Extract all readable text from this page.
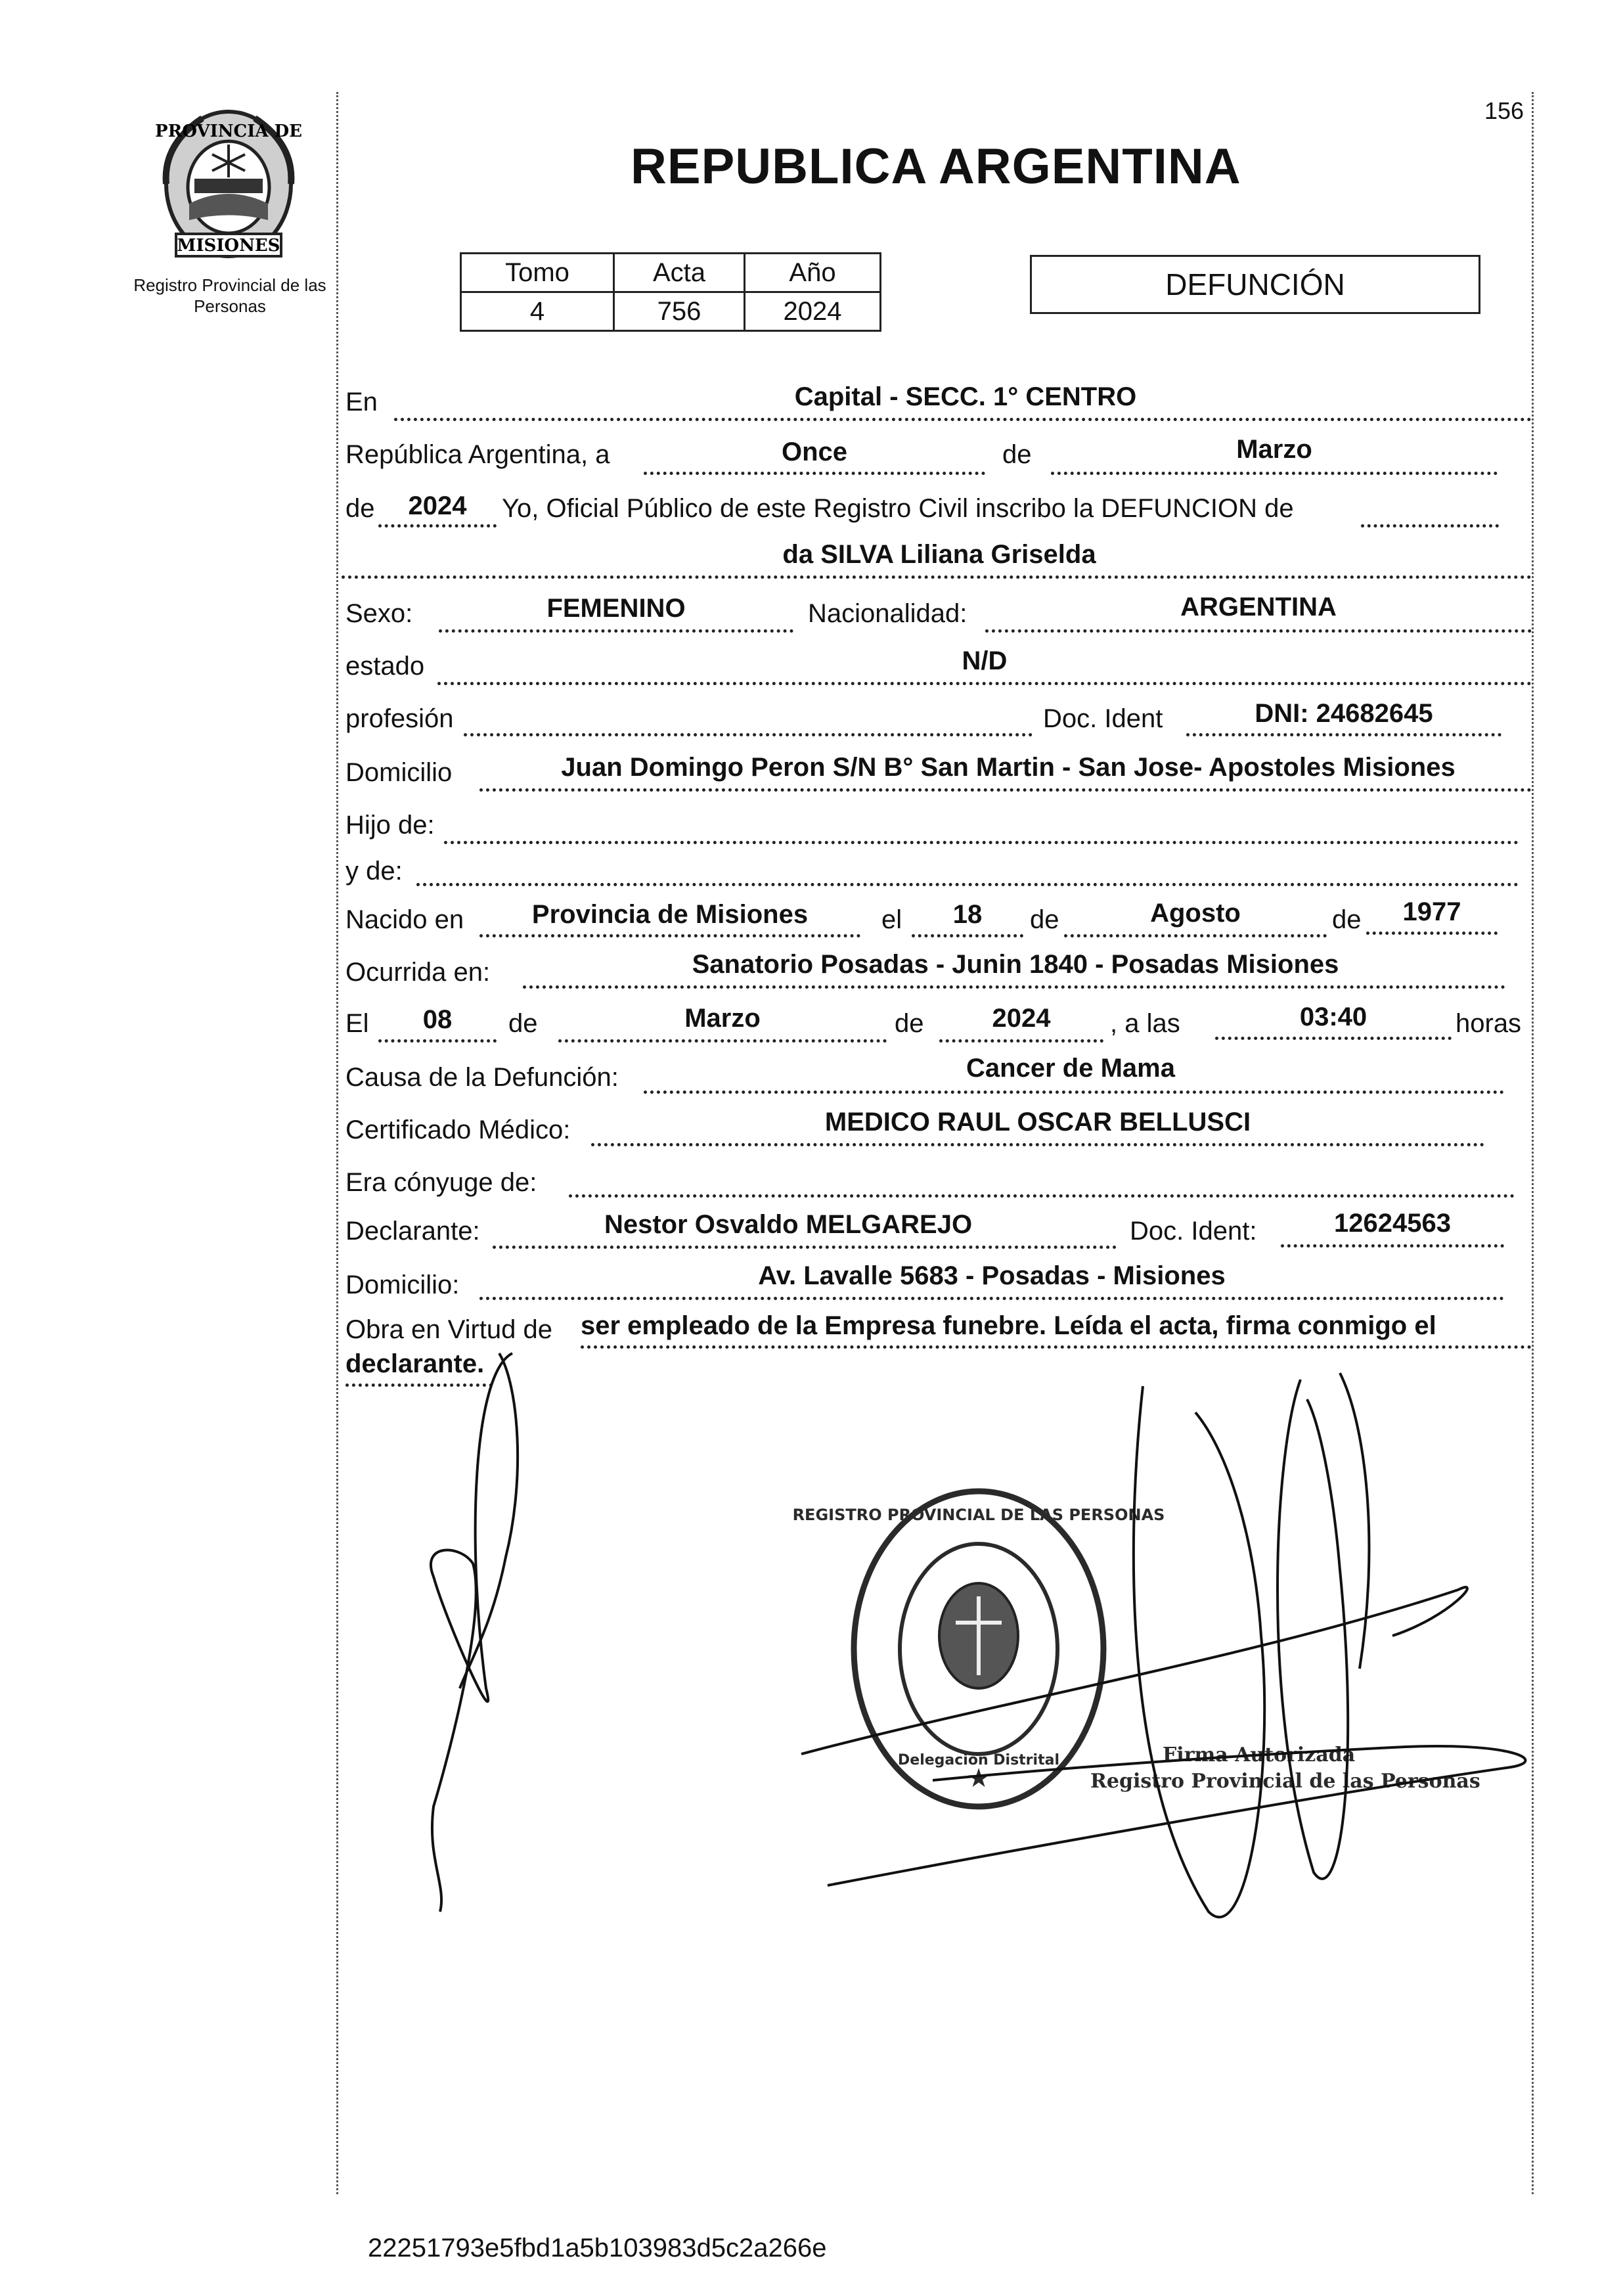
156
REPUBLICA ARGENTINA
PROVINCIA DE
MISIONES
Registro Provincial de las Personas
Tomo	Acta	Año
4	756	2024
DEFUNCIÓN
En	Capital - SECC. 1° CENTRO
República Argentina, a	Once	de	Marzo
de	2024	Yo, Oficial Público de este Registro Civil inscribo la DEFUNCION de
da SILVA Liliana Griselda
Sexo:	FEMENINO	Nacionalidad:	ARGENTINA
estado	N/D
profesión	Doc. Ident	DNI: 24682645
Domicilio	Juan Domingo Peron S/N B° San Martin - San Jose- Apostoles Misiones
Hijo de:
y de:
Nacido en	Provincia de Misiones	el	18	de	Agosto	de	1977
Ocurrida en:	Sanatorio Posadas - Junin 1840 - Posadas Misiones
El	08	de	Marzo	de	2024	, a las	03:40	horas
Causa de la Defunción:	Cancer de Mama
Certificado Médico:	MEDICO RAUL OSCAR BELLUSCI
Era cónyuge de:
Declarante:	Nestor Osvaldo MELGAREJO	Doc. Ident:	12624563
Domicilio:	Av. Lavalle 5683 - Posadas - Misiones
Obra en Virtud de ser empleado de la Empresa funebre. Leída el acta, firma conmigo el
declarante.
★
REGISTRO PROVINCIAL DE LAS PERSONAS
Delegación Distrital	Firma Autorizada
Registro Provincial de las Personas
22251793e5fbd1a5b103983d5c2a266e
